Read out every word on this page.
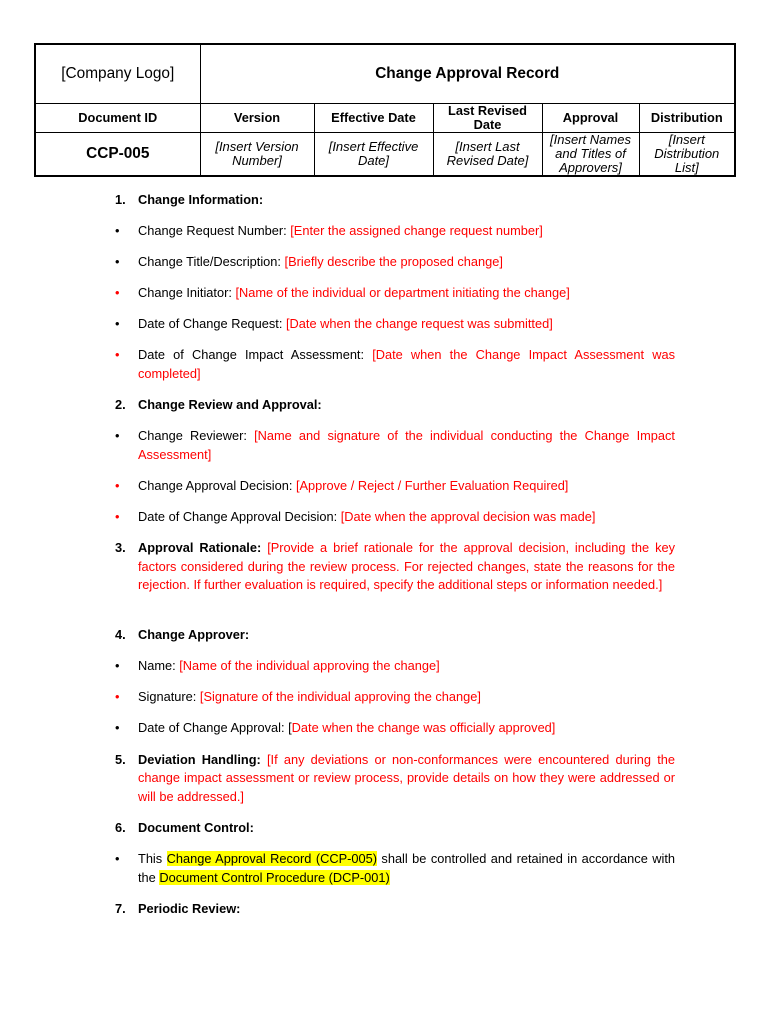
[Company Logo]	Change Approval Record				
Document ID	Version	Effective Date	Last Revised Date	Approval	Distribution
CCP-005	[Insert Version Number]	[Insert Effective Date]	[Insert Last Revised Date]	[Insert Names and Titles of Approvers]	[Insert Distribution List]
1. Change Information:
•
Change Request Number: [Enter the assigned change request number]
•
Change Title/Description: [Briefly describe the proposed change]
•
Change Initiator: [Name of the individual or department initiating the change]
•
Date of Change Request: [Date when the change request was submitted]
•
Date of Change Impact Assessment: [Date when the Change Impact Assessment was completed]
2. Change Review and Approval:
•
Change Reviewer: [Name and signature of the individual conducting the Change Impact Assessment]
•
Change Approval Decision: [Approve / Reject / Further Evaluation Required]
•
Date of Change Approval Decision: [Date when the approval decision was made]
3. Approval Rationale: [Provide a brief rationale for the approval decision, including the key factors considered during the review process. For rejected changes, state the reasons for the rejection. If further evaluation is required, specify the additional steps or information needed.]
4. Change Approver:
•
Name: [Name of the individual approving the change]
•
Signature: [Signature of the individual approving the change]
•
Date of Change Approval: [Date when the change was officially approved]
5. Deviation Handling: [If any deviations or non-conformances were encountered during the change impact assessment or review process, provide details on how they were addressed or will be addressed.]
6. Document Control:
•
This Change Approval Record (CCP-005) shall be controlled and retained in accordance with the Document Control Procedure (DCP-001)
7. Periodic Review:
